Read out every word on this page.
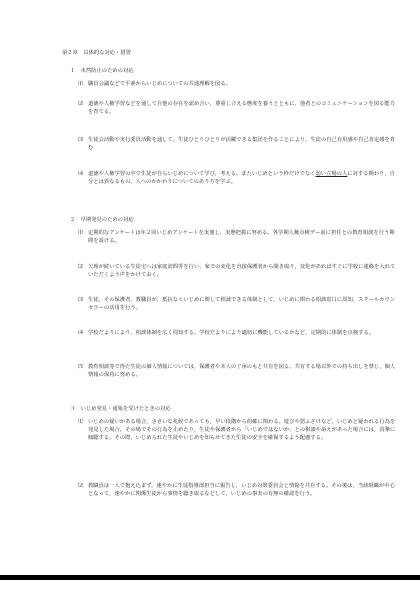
第２章　具体的な対応・措置
１　未然防止のための対応
⑴ 職員会議などで平素からいじめについての共通理解を図る。
⑵ 道徳や人権学習などを通して自他の存在を認め合い，尊重し合える態度を養うとともに，他者とのコミュニケーションを図る能力を育てる。
⑶ 生徒会活動や実行委員活動を通して，生徒ひとりひとりが活躍できる集団を作ることにより，生徒の自己有用感や自己肯定感を育む
⑷ 道徳や人権学習の中で生徒が自らいじめについて学び，考える。またいじめという枠だけでなく弱い立場の人に対する関わり，自分とは異なるもの，人へのかかわりについてのあり方を学ぶ。
２　早期発見のための対応
⑴ 定期的なアンケートは年２回いじめアンケートを実施し，実態把握に努める。各学期人権点検デー前に担任との教育相談を行う期間を設ける。
⑵ 欠席が続いている生徒宅へは家庭訪問等を行い，家での変化を直接保護者から聞き取り，変化があればすぐに学校に連絡を入れていただくよう声をかけておく。
⑶ 生徒，その保護者，教職員が，抵抗なくいじめに関して相談できる体制として，いじめに関わる相談窓口に周知，スクールカウンセラーの活用を行う。
⑷ 学校だよりにより，相談体制を広く周知する。学校だよりにより適切に機能しているかなど，定期的に体制を点検する。
⑸ 教育相談等で得た生徒の個人情報については，保護者や本人の了承のもと共有を図る。共有する場以外での持ち出しを禁じ，個人情報の保持に努める。
３　いじめ発見・通報を受けたときの対応
⑴ いじめの疑いがある場合，ささいな兆候であっても，早い段階から的確に関わる。遊びや悪ふざけなど，いじめと疑われる行為を発見した場合，その場でその行為を止めたり，生徒や保護者から「いじめではないか」との相談や訴えがあった場合には，真摯に傾聴する。その際，いじめられた生徒やいじめを知らせてきた生徒の安全を確保するよう配慮する。
⑵ 教職員は一人で抱え込まず，速やかに生徒指導部担当に報告し，いじめ対策委員会と情報を共有する。その後は，当該組織が中心となって，速やかに関係生徒から事情を聴き取るなどして，いじめの事実の有無の確認を行う。
